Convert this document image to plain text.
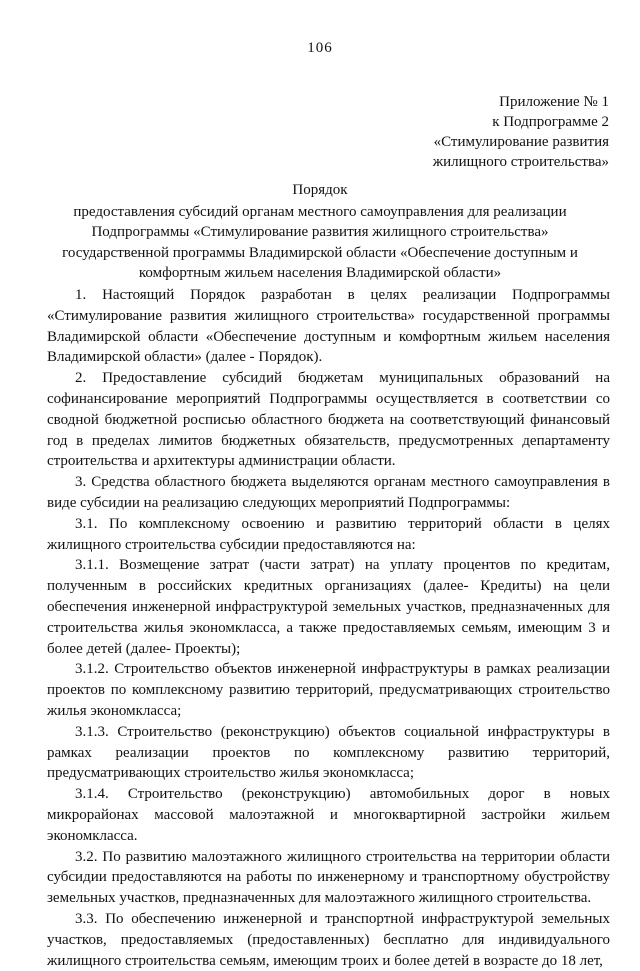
106
Приложение № 1
к Подпрограмме 2
«Стимулирование развития
жилищного строительства»
Порядок
предоставления субсидий органам местного самоуправления для реализации
Подпрограммы «Стимулирование развития жилищного строительства»
государственной программы Владимирской области «Обеспечение доступным и
комфортным жильем населения Владимирской области»

1. Настоящий Порядок разработан в целях реализации Подпрограммы «Стимулирование развития жилищного строительства» государственной программы Владимирской области «Обеспечение доступным и комфортным жильем населения Владимирской области» (далее - Порядок).

2. Предоставление субсидий бюджетам муниципальных образований на софинансирование мероприятий Подпрограммы осуществляется в соответствии со сводной бюджетной росписью областного бюджета на соответствующий финансовый год в пределах лимитов бюджетных обязательств, предусмотренных департаменту строительства и архитектуры администрации области.

3. Средства областного бюджета выделяются органам местного самоуправления в виде субсидии на реализацию следующих мероприятий Подпрограммы:

3.1. По комплексному освоению и развитию территорий области в целях жилищного строительства субсидии предоставляются на:

3.1.1. Возмещение затрат (части затрат) на уплату процентов по кредитам, полученным в российских кредитных организациях (далее- Кредиты) на цели обеспечения инженерной инфраструктурой земельных участков, предназначенных для строительства жилья экономкласса, а также предоставляемых семьям, имеющим 3 и более детей (далее- Проекты);

3.1.2. Строительство объектов инженерной инфраструктуры в рамках реализации проектов по комплексному развитию территорий, предусматривающих строительство жилья экономкласса;

3.1.3. Строительство (реконструкцию) объектов социальной инфраструктуры в рамках реализации проектов по комплексному развитию территорий, предусматривающих строительство жилья экономкласса;

3.1.4. Строительство (реконструкцию) автомобильных дорог в новых микрорайонах массовой малоэтажной и многоквартирной застройки жильем экономкласса.

3.2. По развитию малоэтажного жилищного строительства на территории области субсидии предоставляются на работы по инженерному и транспортному обустройству земельных участков, предназначенных для малоэтажного жилищного строительства.

3.3. По обеспечению инженерной и транспортной инфраструктурой земельных участков, предоставляемых (предоставленных) бесплатно для индивидуального жилищного строительства семьям, имеющим троих и более детей в возрасте до 18 лет,
